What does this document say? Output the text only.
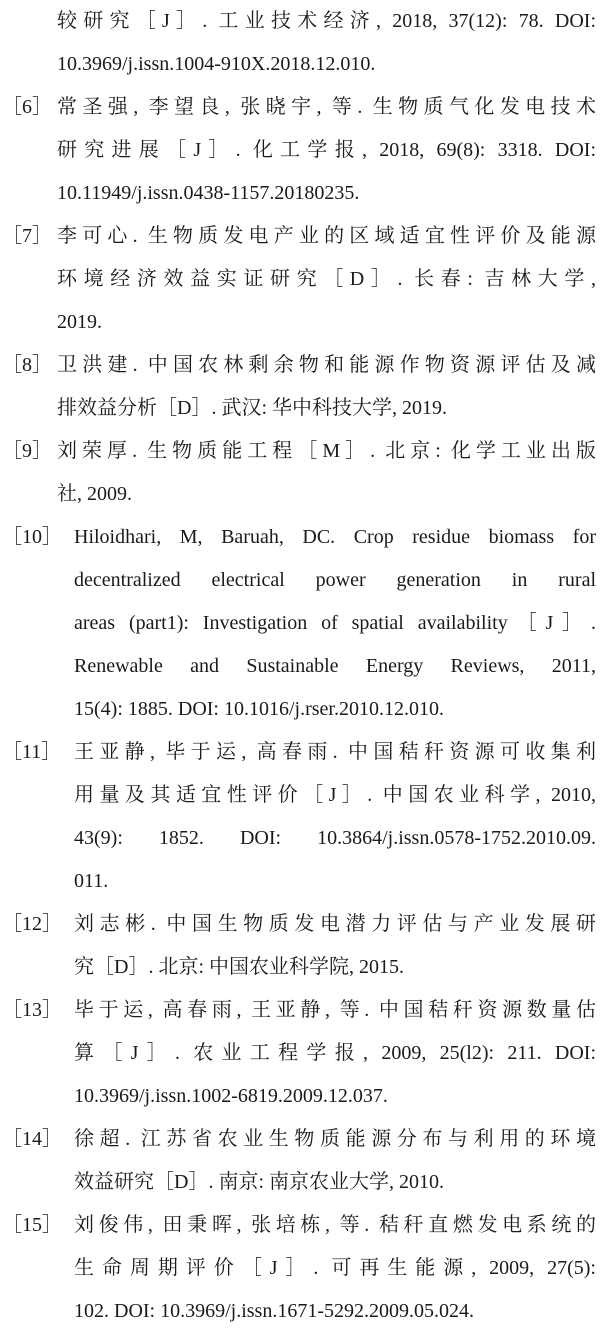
较研究［J］. 工业技术经济, 2018, 37(12): 78. DOI:
10.3969/j.issn.1004-910X.2018.12.010.
［6］ 常圣强, 李望良, 张晓宇, 等. 生物质气化发电技术
研究进展［J］. 化工学报, 2018, 69(8): 3318. DOI:
10.11949/j.issn.0438-1157.20180235.
［7］ 李可心. 生物质发电产业的区域适宜性评价及能源
环境经济效益实证研究［D］. 长春: 吉林大学,
2019.
［8］ 卫洪建. 中国农林剩余物和能源作物资源评估及减
排效益分析［D］. 武汉: 华中科技大学, 2019.
［9］ 刘荣厚. 生物质能工程［M］. 北京: 化学工业出版
社, 2009.
［10］ Hiloidhari, M, Baruah, DC. Crop residue biomass for
decentralized electrical power generation in rural
areas (part1): Investigation of spatial availability［J］.
Renewable and Sustainable Energy Reviews, 2011,
15(4): 1885. DOI: 10.1016/j.rser.2010.12.010.
［11］ 王亚静, 毕于运, 高春雨. 中国秸秆资源可收集利
用量及其适宜性评价［J］. 中国农业科学, 2010,
43(9): 1852. DOI: 10.3864/j.issn.0578-1752.2010.09.
011.
［12］ 刘志彬. 中国生物质发电潜力评估与产业发展研
究［D］. 北京: 中国农业科学院, 2015.
［13］ 毕于运, 高春雨, 王亚静, 等. 中国秸秆资源数量估
算［J］. 农业工程学报, 2009, 25(l2): 211. DOI:
10.3969/j.issn.1002-6819.2009.12.037.
［14］ 徐超. 江苏省农业生物质能源分布与利用的环境
效益研究［D］. 南京: 南京农业大学, 2010.
［15］ 刘俊伟, 田秉晖, 张培栋, 等. 秸秆直燃发电系统的
生命周期评价［J］. 可再生能源, 2009, 27(5):
102. DOI: 10.3969/j.issn.1671-5292.2009.05.024.
